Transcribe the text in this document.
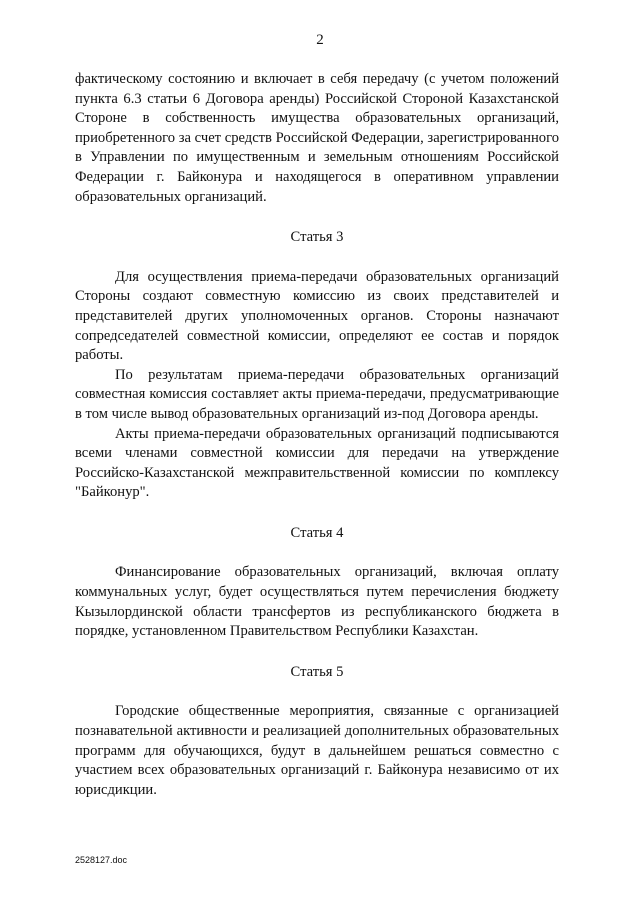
2

фактическому состоянию и включает в себя передачу (с учетом положений пункта 6.3 статьи 6 Договора аренды) Российской Стороной Казахстанской Стороне в собственность имущества образовательных организаций, приобретенного за счет средств Российской Федерации, зарегистрированного в Управлении по имущественным и земельным отношениям Российской Федерации г. Байконура и находящегося в оперативном управлении образовательных организаций.

Статья 3

Для осуществления приема-передачи образовательных организаций Стороны создают совместную комиссию из своих представителей и представителей других уполномоченных органов. Стороны назначают сопредседателей совместной комиссии, определяют ее состав и порядок работы.

По результатам приема-передачи образовательных организаций совместная комиссия составляет акты приема-передачи, предусматривающие в том числе вывод образовательных организаций из-под Договора аренды.

Акты приема-передачи образовательных организаций подписываются всеми членами совместной комиссии для передачи на утверждение Российско-Казахстанской межправительственной комиссии по комплексу "Байконур".

Статья 4

Финансирование образовательных организаций, включая оплату коммунальных услуг, будет осуществляться путем перечисления бюджету Кызылординской области трансфертов из республиканского бюджета в порядке, установленном Правительством Республики Казахстан.

Статья 5

Городские общественные мероприятия, связанные с организацией познавательной активности и реализацией дополнительных образовательных программ для обучающихся, будут в дальнейшем решаться совместно с участием всех образовательных организаций г. Байконура независимо от их юрисдикции.

2528127.doc
